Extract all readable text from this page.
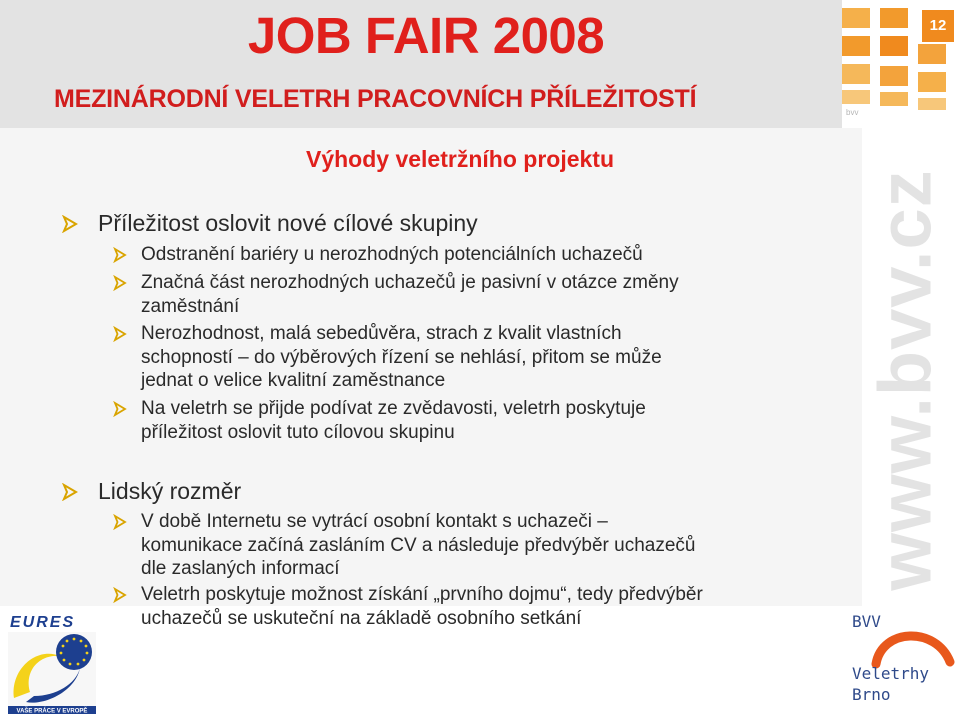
JOB FAIR 2008
MEZINÁRODNÍ VELETRH PRACOVNÍCH PŘÍLEŽITOSTÍ
12
bvv
www.bvv.cz
Výhody veletržního projektu
Příležitost oslovit nové cílové skupiny
Odstranění bariéry u nerozhodných potenciálních uchazečů
Značná část nerozhodných uchazečů je pasivní v otázce změny
zaměstnání
Nerozhodnost, malá sebedůvěra, strach z kvalit vlastních
schopností – do výběrových řízení se nehlásí, přitom se může
jednat o velice kvalitní zaměstnance
Na veletrh se přijde podívat ze zvědavosti, veletrh poskytuje
příležitost oslovit tuto cílovou skupinu
Lidský rozměr
V době Internetu se vytrácí osobní kontakt s uchazeči –
komunikace začíná zasláním CV a následuje předvýběr uchazečů
dle zaslaných informací
Veletrh poskytuje možnost získání „prvního dojmu“, tedy předvýběr
uchazečů se uskuteční na základě osobního setkání
EURES
VAŠE PRÁCE V EVROPĚ
BVV
Veletrhy
Brno
